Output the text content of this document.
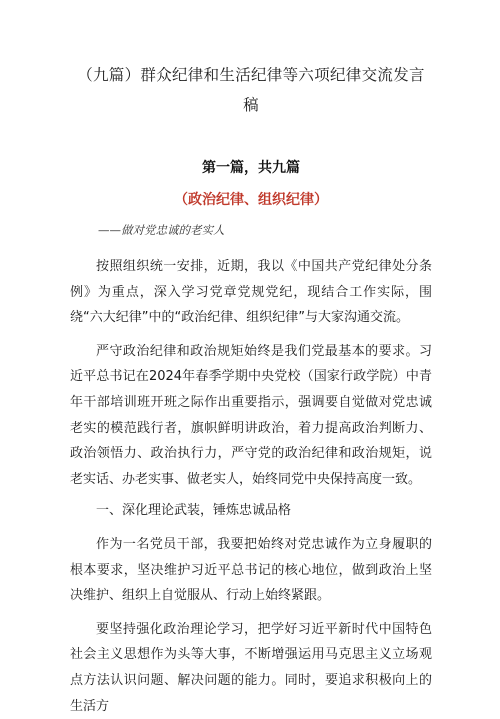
（九篇）群众纪律和生活纪律等六项纪律交流发言稿
第一篇，共九篇
（政治纪律、组织纪律）
——做对党忠诚的老实人

按照组织统一安排，近期，我以《中国共产党纪律处分条例》为重点，深入学习党章党规党纪，现结合工作实际，围绕“六大纪律”中的“政治纪律、组织纪律”与大家沟通交流。

严守政治纪律和政治规矩始终是我们党最基本的要求。习近平总书记在2024年春季学期中央党校（国家行政学院）中青年干部培训班开班之际作出重要指示，强调要自觉做对党忠诚老实的模范践行者，旗帜鲜明讲政治，着力提高政治判断力、政治领悟力、政治执行力，严守党的政治纪律和政治规矩，说老实话、办老实事、做老实人，始终同党中央保持高度一致。

一、深化理论武装，锤炼忠诚品格

作为一名党员干部，我要把始终对党忠诚作为立身履职的根本要求，坚决维护习近平总书记的核心地位，做到政治上坚决维护、组织上自觉服从、行动上始终紧跟。

要坚持强化政治理论学习，把学好习近平新时代中国特色社会主义思想作为头等大事，不断增强运用马克思主义立场观点方法认识问题、解决问题的能力。同时，要追求积极向上的生活方
